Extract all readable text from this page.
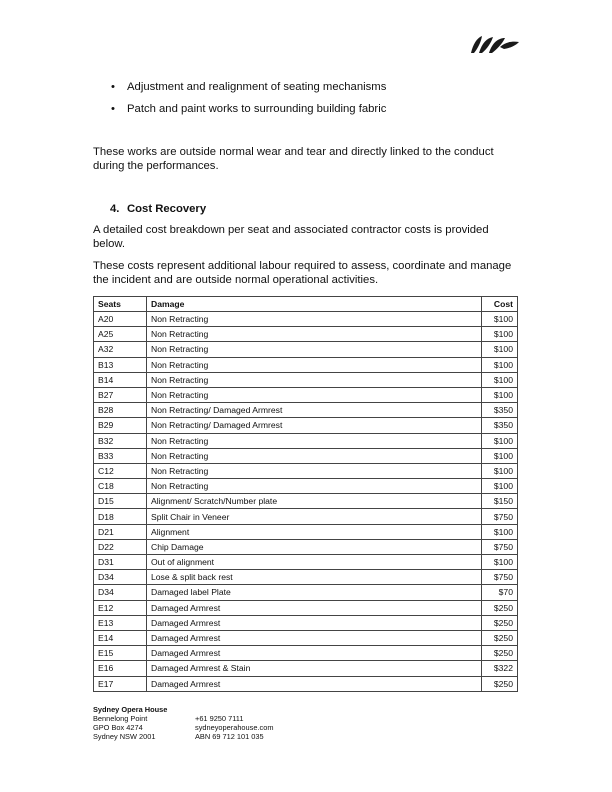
• Adjustment and realignment of seating mechanisms
• Patch and paint works to surrounding building fabric

These works are outside normal wear and tear and directly linked to the conduct during the performances.

4. Cost Recovery

A detailed cost breakdown per seat and associated contractor costs is provided below.

These costs represent additional labour required to assess, coordinate and manage the incident and are outside normal operational activities.

Seats	Damage	Cost
A20	Non Retracting	$100
A25	Non Retracting	$100
A32	Non Retracting	$100
B13	Non Retracting	$100
B14	Non Retracting	$100
B27	Non Retracting	$100
B28	Non Retracting/ Damaged Armrest	$350
B29	Non Retracting/ Damaged Armrest	$350
B32	Non Retracting	$100
B33	Non Retracting	$100
C12	Non Retracting	$100
C18	Non Retracting	$100
D15	Alignment/ Scratch/Number plate	$150
D18	Split Chair in Veneer	$750
D21	Alignment	$100
D22	Chip Damage	$750
D31	Out of alignment	$100
D34	Lose & split back rest	$750
D34	Damaged label Plate	$70
E12	Damaged Armrest	$250
E13	Damaged Armrest	$250
E14	Damaged Armrest	$250
E15	Damaged Armrest	$250
E16	Damaged Armrest & Stain	$322
E17	Damaged Armrest	$250
Sydney Opera House
Bennelong Point
GPO Box 4274
Sydney NSW 2001
+61 9250 7111
sydneyoperahouse.com
ABN 69 712 101 035
